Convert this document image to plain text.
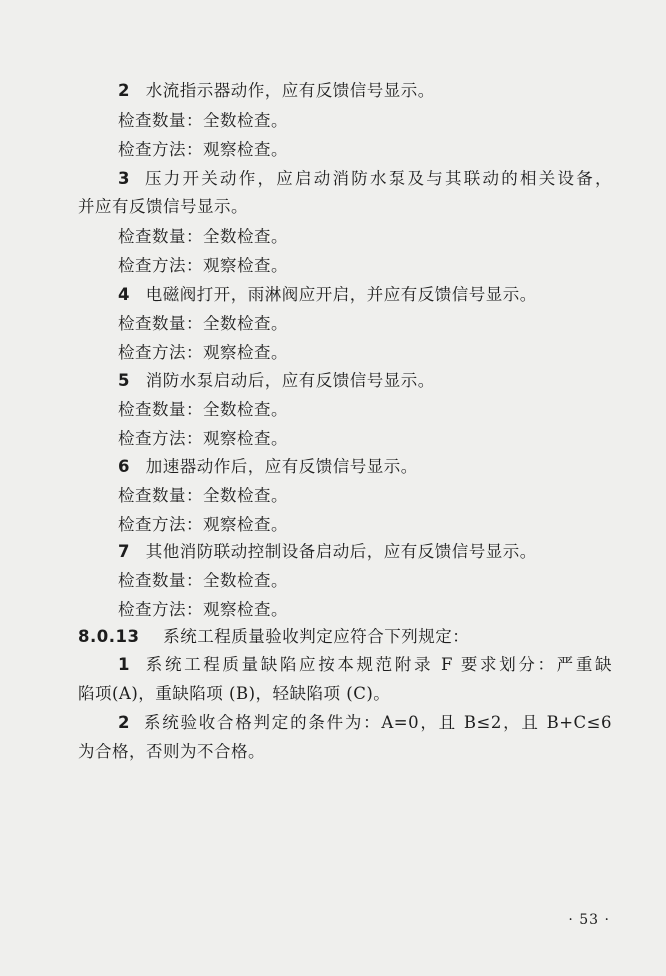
2 水流指示器动作，应有反馈信号显示。
检查数量：全数检查。
检查方法：观察检查。
3 压力开关动作，应启动消防水泵及与其联动的相关设备，
并应有反馈信号显示。
检查数量：全数检查。
检查方法：观察检查。
4 电磁阀打开，雨淋阀应开启，并应有反馈信号显示。
检查数量：全数检查。
检查方法：观察检查。
5 消防水泵启动后，应有反馈信号显示。
检查数量：全数检查。
检查方法：观察检查。
6 加速器动作后，应有反馈信号显示。
检查数量：全数检查。
检查方法：观察检查。
7 其他消防联动控制设备启动后，应有反馈信号显示。
检查数量：全数检查。
检查方法：观察检查。
8.0.13 系统工程质量验收判定应符合下列规定：
1 系统工程质量缺陷应按本规范附录 F 要求划分：严重缺
陷项(A)，重缺陷项 (B)，轻缺陷项 (C)。
2 系统验收合格判定的条件为：A=0，且 B≤2，且 B+C≤6
为合格，否则为不合格。
· 53 ·
